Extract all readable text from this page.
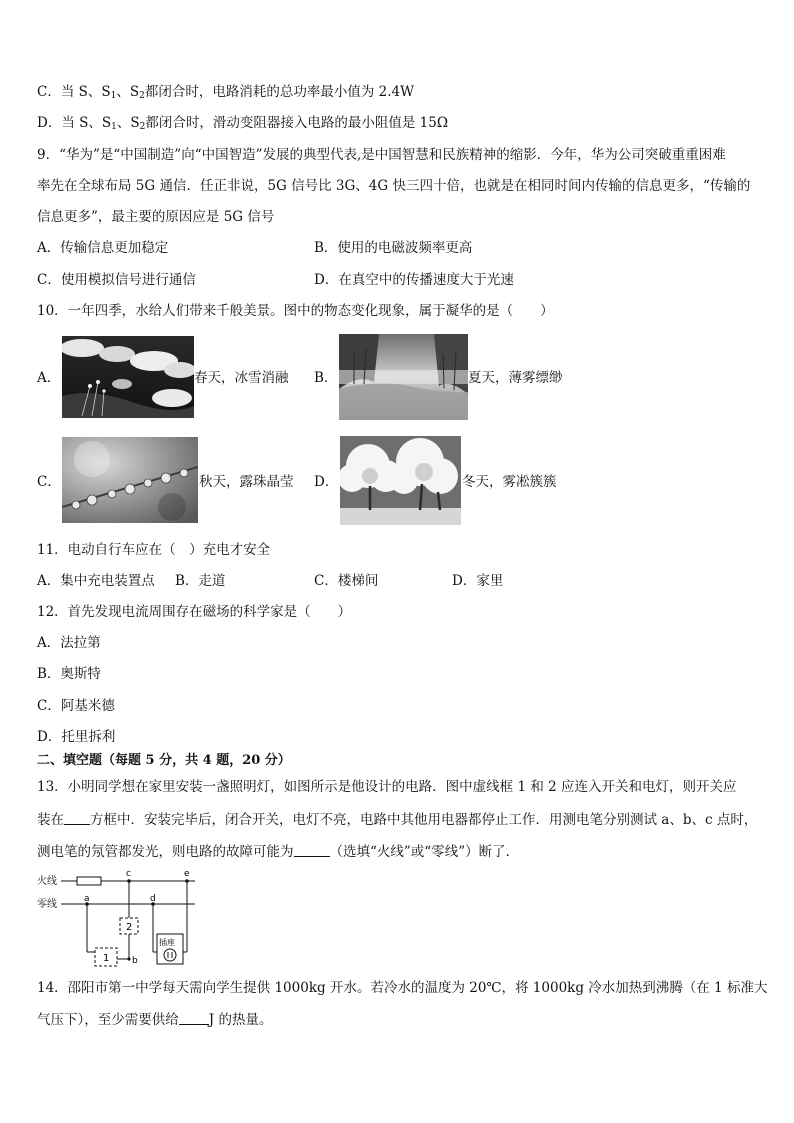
C．当 S、$S_1$、$S_2$都闭合时，电路消耗的总功率最小值为 2.4W
D．当 S、$S_1$、$S_2$都闭合时，滑动变阻器接入电路的最小阻值是 15Ω
9．“华为”是“中国制造”向“中国智造”发展的典型代表,是中国智慧和民族精神的缩影．今年，华为公司突破重重困难
率先在全球布局 5G 通信．任正非说，5G 信号比 3G、4G 快三四十倍，也就是在相同时间内传输的信息更多，“传输的
信息更多”，最主要的原因应是 5G 信号
A．传输信息更加稳定	B．使用的电磁波频率更高
C．使用模拟信号进行通信	D．在真空中的传播速度大于光速
10．一年四季，水给人们带来千般美景。图中的物态变化现象，属于凝华的是（　　）
A．	春天，冰雪消融 B．	夏天，薄雾缥缈
C．	秋天，露珠晶莹 D．	冬天，雾凇簇簇
11．电动自行车应在（　）充电才安全
A．集中充电装置点 B．走道	C．楼梯间	D．家里
12．首先发现电流周围存在磁场的科学家是（　　）
A．法拉第
B．奥斯特
C．阿基米德
D．托里拆利
二、填空题（每题 5 分，共 4 题，20 分）
13．小明同学想在家里安装一盏照明灯，如图所示是他设计的电路．图中虚线框 1 和 2 应连入开关和电灯，则开关应
装在 方框中．安装完毕后，闭合开关，电灯不亮，电路中其他用电器都停止工作．用测电笔分别测试 a、b、c 点时，
测电笔的氖管都发光，则电路的故障可能为	（选填“火线”或“零线”）断了．
火线
零线
c	e
a	d
2
1	b
插座
14．邵阳市第一中学每天需向学生提供 1000kg 开水。若冷水的温度为 20℃，将 1000kg 冷水加热到沸腾（在 1 标准大
气压下），至少需要供给 J 的热量。
